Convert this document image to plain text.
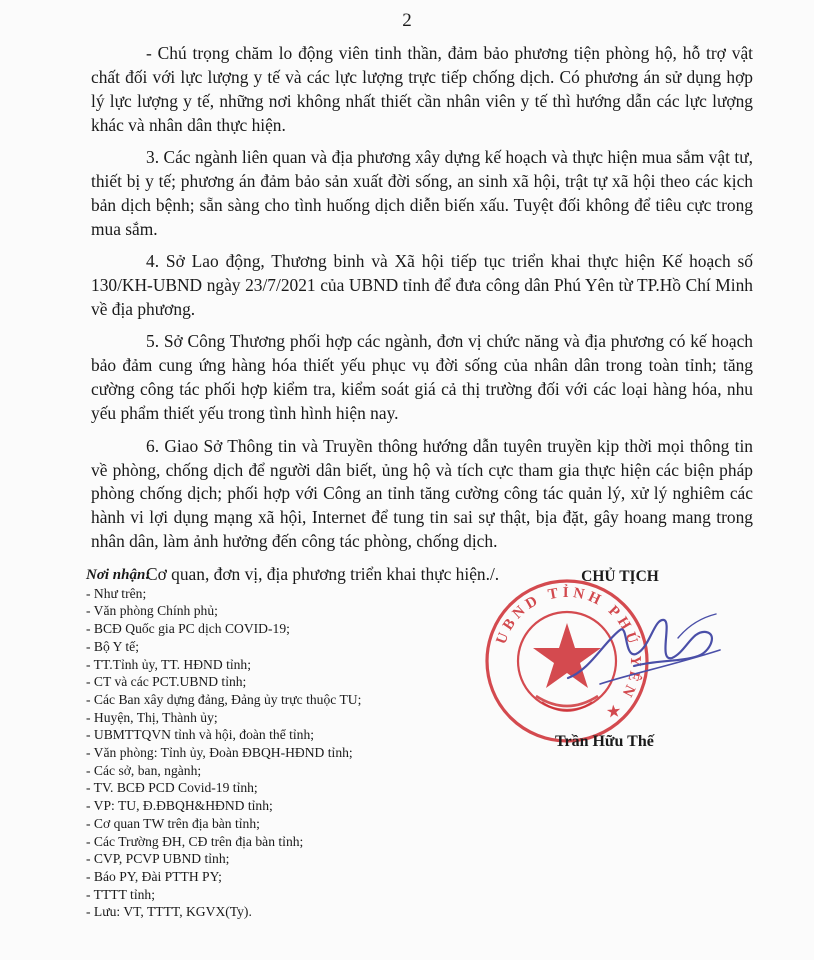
2

- Chú trọng chăm lo động viên tinh thần, đảm bảo phương tiện phòng hộ, hỗ trợ vật chất đối với lực lượng y tế và các lực lượng trực tiếp chống dịch. Có phương án sử dụng hợp lý lực lượng y tế, những nơi không nhất thiết cần nhân viên y tế thì hướng dẫn các lực lượng khác và nhân dân thực hiện.

3. Các ngành liên quan và địa phương xây dựng kế hoạch và thực hiện mua sắm vật tư, thiết bị y tế; phương án đảm bảo sản xuất đời sống, an sinh xã hội, trật tự xã hội theo các kịch bản dịch bệnh; sẵn sàng cho tình huống dịch diễn biến xấu. Tuyệt đối không để tiêu cực trong mua sắm.

4. Sở Lao động, Thương binh và Xã hội tiếp tục triển khai thực hiện Kế hoạch số 130/KH-UBND ngày 23/7/2021 của UBND tỉnh để đưa công dân Phú Yên từ TP.Hồ Chí Minh về địa phương.

5. Sở Công Thương phối hợp các ngành, đơn vị chức năng và địa phương có kế hoạch bảo đảm cung ứng hàng hóa thiết yếu phục vụ đời sống của nhân dân trong toàn tỉnh; tăng cường công tác phối hợp kiểm tra, kiểm soát giá cả thị trường đối với các loại hàng hóa, nhu yếu phẩm thiết yếu trong tình hình hiện nay.

6. Giao Sở Thông tin và Truyền thông hướng dẫn tuyên truyền kịp thời mọi thông tin về phòng, chống dịch để người dân biết, ủng hộ và tích cực tham gia thực hiện các biện pháp phòng chống dịch; phối hợp với Công an tỉnh tăng cường công tác quản lý, xử lý nghiêm các hành vi lợi dụng mạng xã hội, Internet để tung tin sai sự thật, bịa đặt, gây hoang mang trong nhân dân, làm ảnh hưởng đến công tác phòng, chống dịch.

Cơ quan, đơn vị, địa phương triển khai thực hiện./.

Nơi nhận:
- Như trên;
- Văn phòng Chính phủ;
- BCĐ Quốc gia PC dịch COVID-19;
- Bộ Y tế;
- TT.Tỉnh ủy, TT. HĐND tỉnh;
- CT và các PCT.UBND tỉnh;
- Các Ban xây dựng đảng, Đảng ủy trực thuộc TU;
- Huyện, Thị, Thành ủy;
- UBMTTQVN tỉnh và hội, đoàn thể tỉnh;
- Văn phòng: Tỉnh ủy, Đoàn ĐBQH-HĐND tỉnh;
- Các sở, ban, ngành;
- TV. BCĐ PCD Covid-19 tỉnh;
- VP: TU, Đ.ĐBQH&HĐND tỉnh;
- Cơ quan TW trên địa bàn tỉnh;
- Các Trường ĐH, CĐ trên địa bàn tỉnh;
- CVP, PCVP UBND tỉnh;
- Báo PY, Đài PTTH PY;
- TTTT tỉnh;
- Lưu: VT, TTTT, KGVX(Ty).
UBND TỈNH PHÚ YÊN ★
CHỦ TỊCH
Trần Hữu Thế
